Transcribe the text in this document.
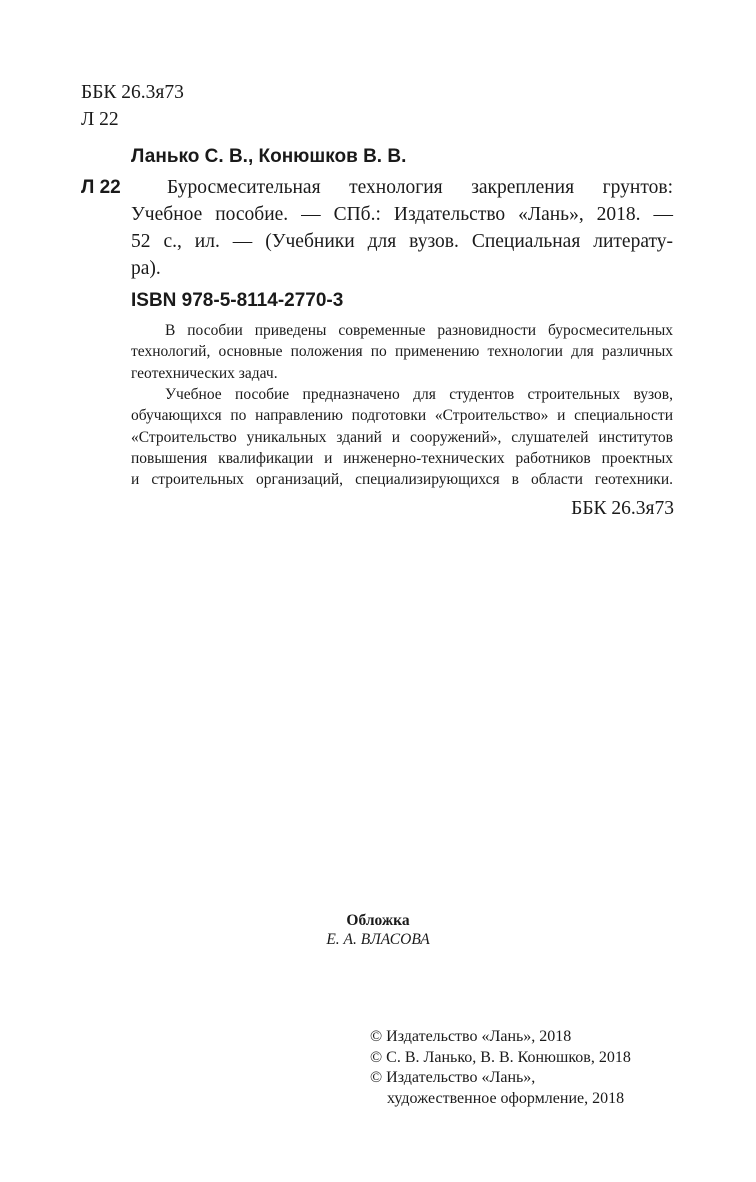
ББК 26.3я73
Л 22
Ланько С. В., Конюшков В. В.
Л 22 Буросмесительная технология закрепления грунтов:
Учебное пособие. — СПб.: Издательство «Лань», 2018. —
52 с., ил. — (Учебники для вузов. Специальная литерату-
ра).
ISBN 978-5-8114-2770-3
В пособии приведены современные разновидности буросмесительных
технологий, основные положения по применению технологии для различных
геотехнических задач.
Учебное пособие предназначено для студентов строительных вузов,
обучающихся по направлению подготовки «Строительство» и специальности
«Строительство уникальных зданий и сооружений», слушателей институтов
повышения квалификации и инженерно-технических работников проектных
и строительных организаций, специализирующихся в области геотехники.
ББК 26.3я73
Обложка
Е. А. ВЛАСОВА
© Издательство «Лань», 2018
© С. В. Ланько, В. В. Конюшков, 2018
© Издательство «Лань»,
художественное оформление, 2018
